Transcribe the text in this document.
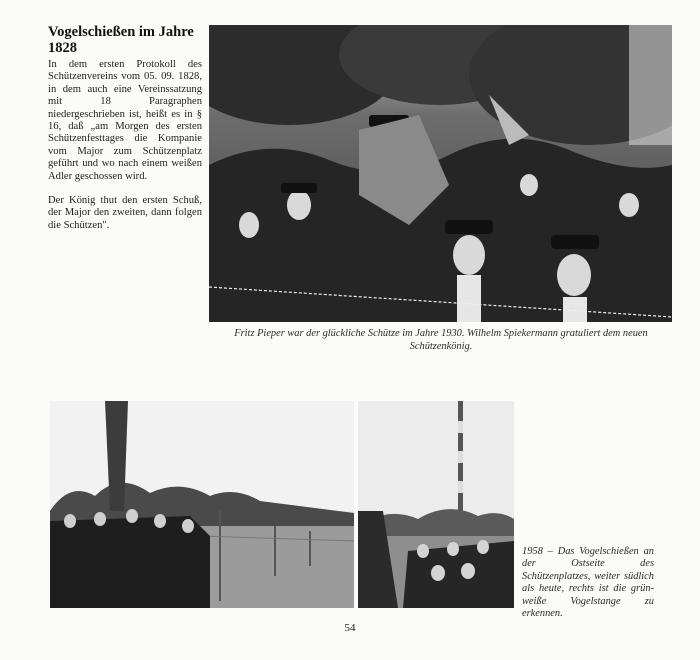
Vogelschießen im Jahre 1828

In dem ersten Protokoll des Schützenvereins vom 05. 09. 1828, in dem auch eine Vereinssatzung mit 18 Paragraphen niedergeschrieben ist, heißt es in § 16, daß „am Morgen des ersten Schützenfesttages die Kompanie vom Major zum Schützenplatz geführt und wo nach einem weißen Adler geschossen wird.

Der König thut den ersten Schuß, der Major den zweiten, dann folgen die Schützen".

Fritz Pieper war der glückliche Schütze im Jahre 1930. Wilhelm Spiekermann gratuliert dem neuen Schützenkönig.

1958 – Das Vogelschießen an der Ostseite des Schützenplatzes, weiter südlich als heute, rechts ist die grün-weiße Vogelstange zu erkennen.

54
